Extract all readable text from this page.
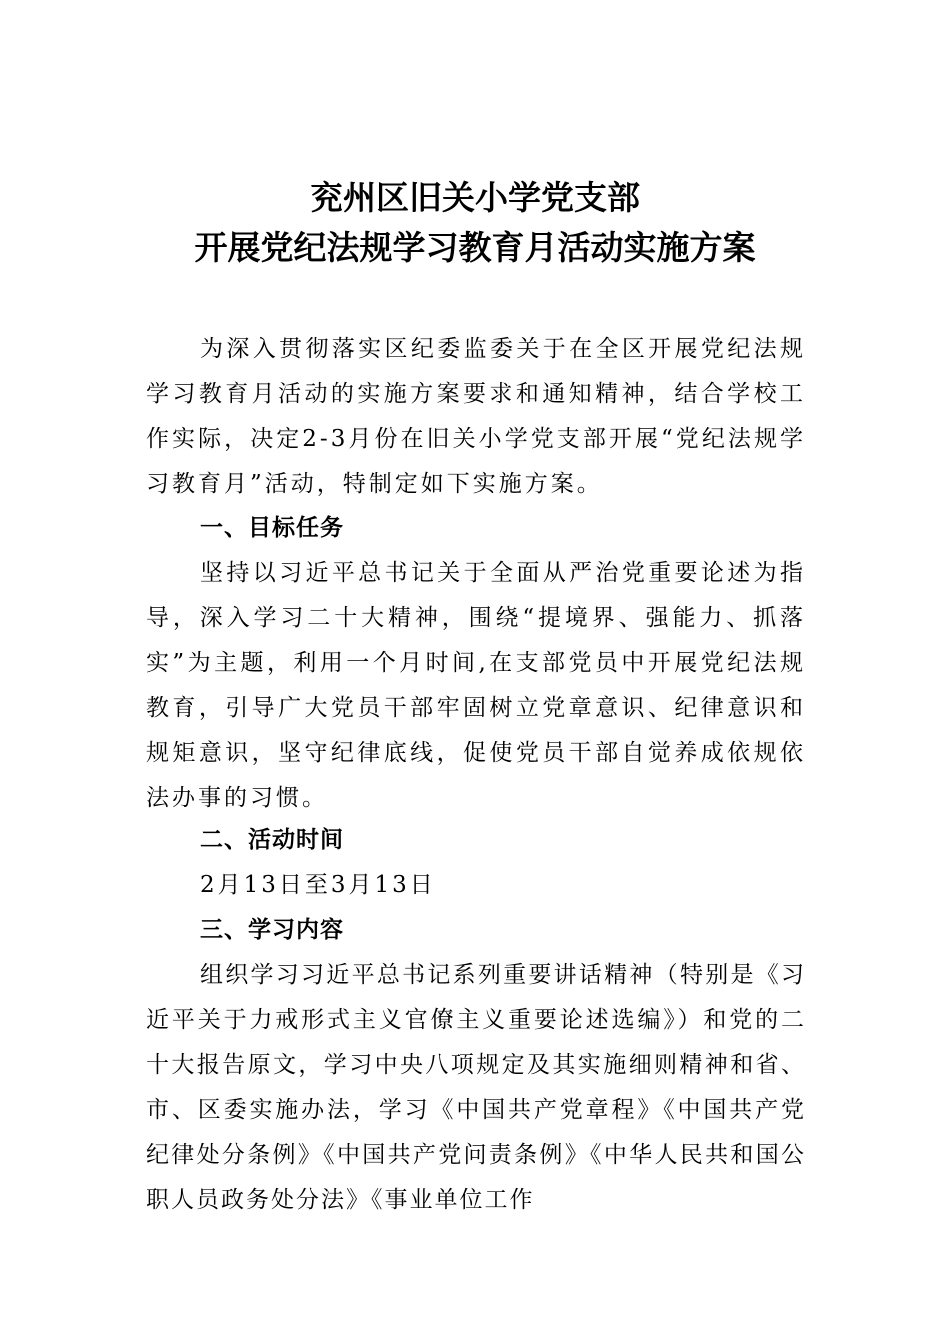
兖州区旧关小学党支部
开展党纪法规学习教育月活动实施方案

为深入贯彻落实区纪委监委关于在全区开展党纪法规学习教育月活动的实施方案要求和通知精神，结合学校工作实际，决定2-3月份在旧关小学党支部开展“党纪法规学习教育月”活动，特制定如下实施方案。

一、目标任务

坚持以习近平总书记关于全面从严治党重要论述为指导，深入学习二十大精神，围绕“提境界、强能力、抓落实”为主题，利用一个月时间,在支部党员中开展党纪法规教育，引导广大党员干部牢固树立党章意识、纪律意识和规矩意识，坚守纪律底线，促使党员干部自觉养成依规依法办事的习惯。

二、活动时间

2月13日至3月13日

三、学习内容

组织学习习近平总书记系列重要讲话精神（特别是《习近平关于力戒形式主义官僚主义重要论述选编》）和党的二十大报告原文，学习中央八项规定及其实施细则精神和省、市、区委实施办法，学习《中国共产党章程》《中国共产党纪律处分条例》《中国共产党问责条例》《中华人民共和国公职人员政务处分法》《事业单位工作
